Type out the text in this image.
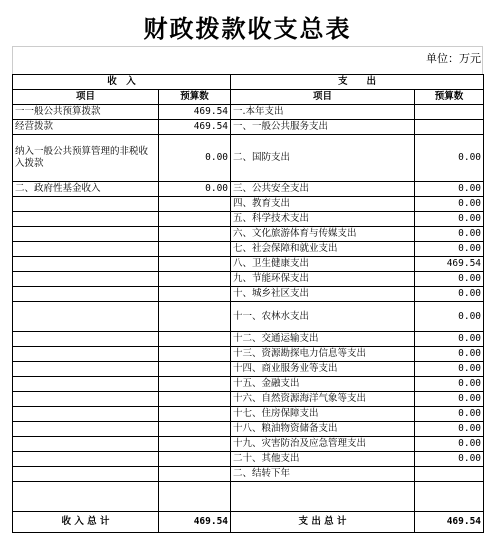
财政拨款收支总表
单位：万元
收　入		支　　出	
项目	预算数	项目	预算数
一一般公共预算拨款	469.54	一.本年支出	
经营拨款	469.54	一、一般公共服务支出	
纳入一般公共预算管理的非税收入拨款	0.00	二、国防支出	0.00
二、政府性基金收入	0.00	三、公共安全支出	0.00
		四、教育支出	0.00
		五、科学技术支出	0.00
		六、文化旅游体育与传媒支出	0.00
		七、社会保障和就业支出	0.00
		八、卫生健康支出	469.54
		九、节能环保支出	0.00
		十、城乡社区支出	0.00
		十一、农林水支出	0.00
		十二、交通运输支出	0.00
		十三、资源勘探电力信息等支出	0.00
		十四、商业服务业等支出	0.00
		十五、金融支出	0.00
		十六、自然资源海洋气象等支出	0.00
		十七、住房保障支出	0.00
		十八、粮油物资储备支出	0.00
		十九、灾害防治及应急管理支出	0.00
		二十、其他支出	0.00
		二、结转下年	

收 入 总 计	469.54	支 出 总 计	469.54
